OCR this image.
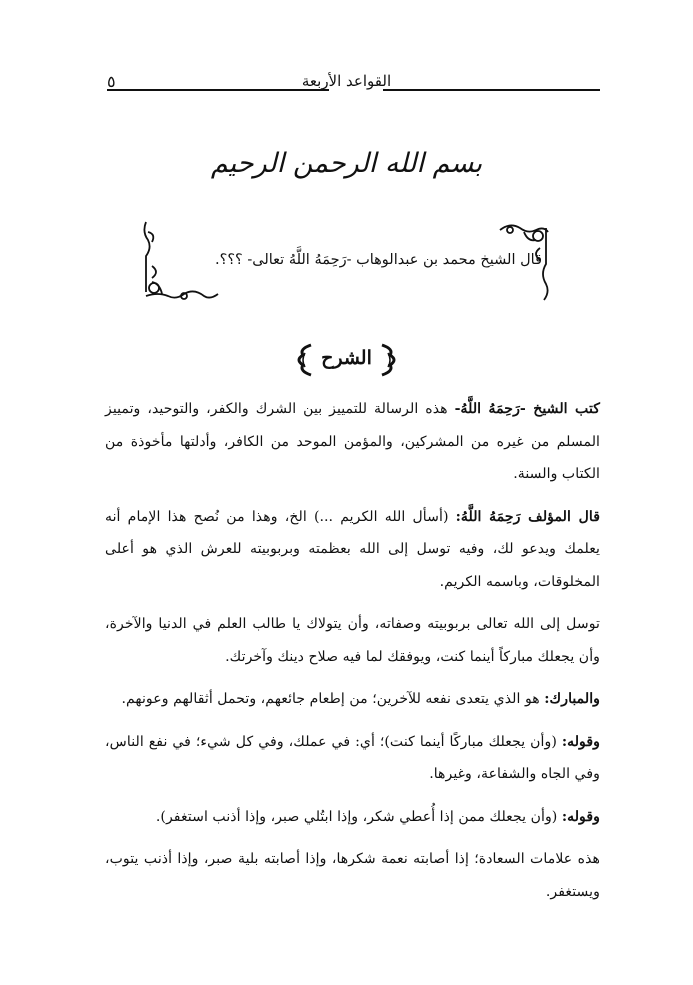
القواعد الأربعة
٥
بسم الله الرحمن الرحيم
قال الشيخ محمد بن عبدالوهاب -رَحِمَهُ اللَّهُ تعالى- ؟؟؟.
الشرح

كتب الشيخ -رَحِمَهُ اللَّهُ- هذه الرسالة للتمييز بين الشرك والكفر، والتوحيد، وتمييز المسلم من غيره من المشركين، والمؤمن الموحد من الكافر، وأدلتها مأخوذة من الكتاب والسنة.

قال المؤلف رَحِمَهُ اللَّهُ: (أسأل الله الكريم ...) الخ، وهذا من نُصح هذا الإمام أنه يعلمك ويدعو لك، وفيه توسل إلى الله بعظمته وبربوبيته للعرش الذي هو أعلى المخلوقات، وباسمه الكريم.

توسل إلى الله تعالى بربوبيته وصفاته، وأن يتولاك يا طالب العلم في الدنيا والآخرة، وأن يجعلك مباركاً أينما كنت، ويوفقك لما فيه صلاح دينك وآخرتك.

والمبارك: هو الذي يتعدى نفعه للآخرين؛ من إطعام جائعهم، وتحمل أثقالهم وعونهم.

وقوله: (وأن يجعلك مباركًا أينما كنت)؛ أي: في عملك، وفي كل شيء؛ في نفع الناس، وفي الجاه والشفاعة، وغيرها.

وقوله: (وأن يجعلك ممن إذا أُعطي شكر، وإذا ابتُلي صبر، وإذا أذنب استغفر).

هذه علامات السعادة؛ إذا أصابته نعمة شكرها، وإذا أصابته بلية صبر، وإذا أذنب يتوب، ويستغفر.
